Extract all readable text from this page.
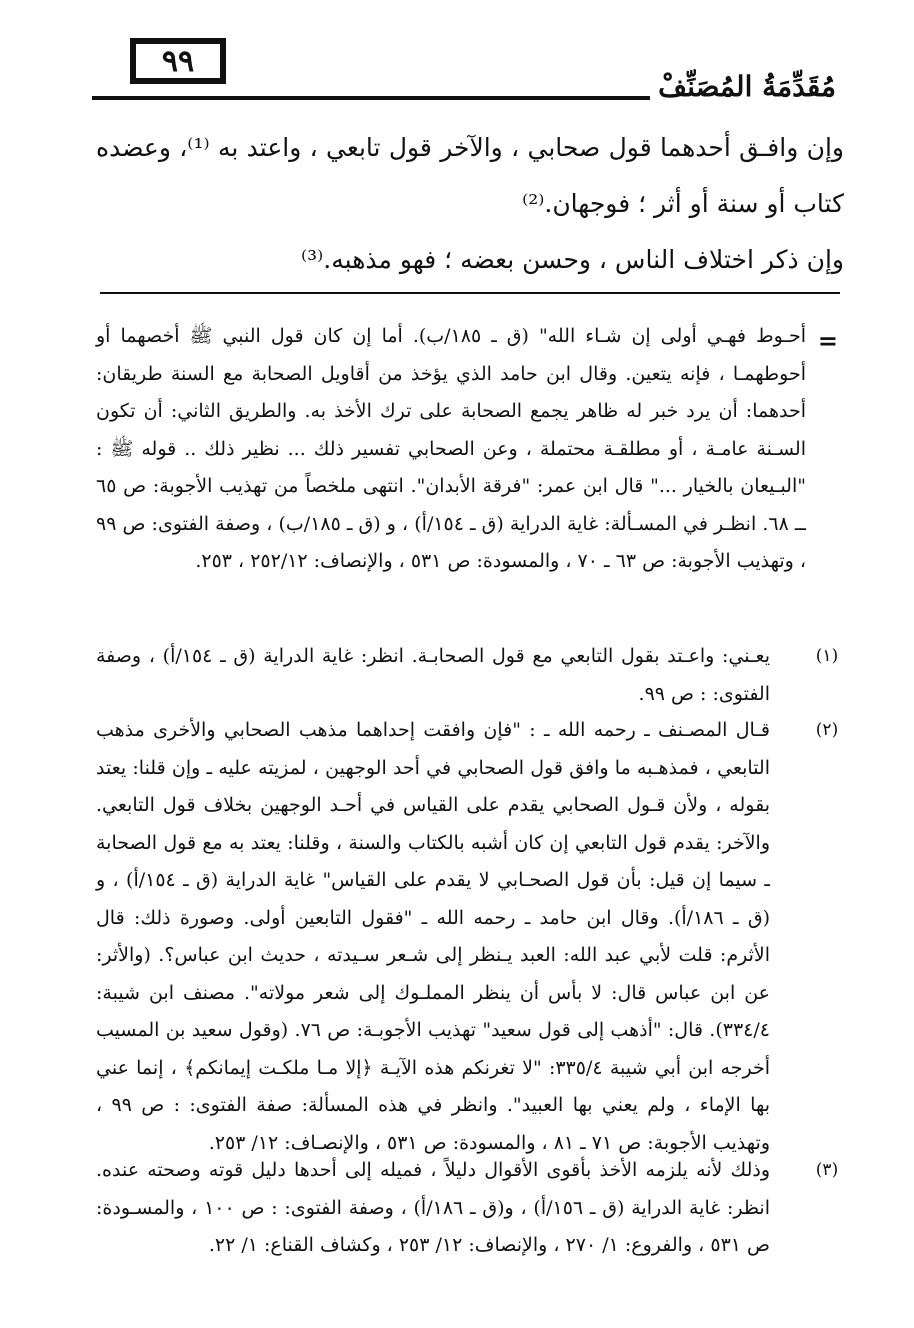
٩٩
مُقَدِّمَةُ المُصَنِّفْ

وإن وافـق أحدهما قول صحابي ، والآخر قول تابعي ، واعتد به ⁽¹⁾، وعضده كتاب أو سنة أو أثر ؛ فوجهان.⁽²⁾

وإن ذكر اختلاف الناس ، وحسن بعضه ؛ فهو مذهبه.⁽³⁾

=
أحـوط فهـي أولى إن شـاء الله" (ق ـ ١٨٥/ب). أما إن كان قول النبي ﷺ أخصهما أو أحوطهمـا ، فإنه يتعين. وقال ابن حامد الذي يؤخذ من أقاويل الصحابة مع السنة طريقان: أحدهما: أن يرد خبر له ظاهر يجمع الصحابة على ترك الأخذ به. والطريق الثاني: أن تكون السـنة عامـة ، أو مطلقـة محتملة ، وعن الصحابي تفسير ذلك ... نظير ذلك .. قوله ﷺ : "البـيعان بالخيار ..." قال ابن عمر: "فرقة الأبدان". انتهى ملخصاً من تهذيب الأجوبة: ص ٦٥ ــ ٦٨. انظـر في المسـألة: غاية الدراية (ق ـ ١٥٤/أ) ، و (ق ـ ١٨٥/ب) ، وصفة الفتوى: ص ٩٩ ، وتهذيب الأجوبة: ص ٦٣ ـ ٧٠ ، والمسودة: ص ٥٣١ ، والإنصاف: ٢٥٢/١٢ ، ٢٥٣.
(١)
يعـني: واعـتد بقول التابعي مع قول الصحابـة. انظر: غاية الدراية (ق ـ ١٥٤/أ) ، وصفة الفتوى: : ص ٩٩.
(٢)
قـال المصـنف ـ رحمه الله ـ : "فإن وافقت إحداهما مذهب الصحابي والأخرى مذهب التابعي ، فمذهـبه ما وافق قول الصحابي في أحد الوجهين ، لمزيته عليه ـ وإن قلنا: يعتد بقوله ، ولأن قـول الصحابي يقدم على القياس في أحـد الوجهين بخلاف قول التابعي. والآخر: يقدم قول التابعي إن كان أشبه بالكتاب والسنة ، وقلنا: يعتد به مع قول الصحابة ـ سيما إن قيل: بأن قول الصحـابي لا يقدم على القياس" غاية الدراية (ق ـ ١٥٤/أ) ، و (ق ـ ١٨٦/أ). وقال ابن حامد ـ رحمه الله ـ "فقول التابعين أولى. وصورة ذلك: قال الأثرم: قلت لأبي عبد الله: العبد يـنظر إلى شـعر سـيدته ، حديث ابن عباس؟. (والأثر: عن ابن عباس قال: لا بأس أن ينظر المملـوك إلى شعر مولاته". مصنف ابن شيبة: ٣٣٤/٤). قال: "أذهب إلى قول سعيد" تهذيب الأجوبـة: ص ٧٦. (وقول سعيد بن المسيب أخرجه ابن أبي شيبة ٣٣٥/٤: "لا تغرنكم هذه الآيـة ﴿إلا مـا ملكـت إيمانكم﴾ ، إنما عني بها الإماء ، ولم يعني بها العبيد". وانظر في هذه المسألة: صفة الفتوى: : ص ٩٩ ، وتهذيب الأجوبة: ص ٧١ ـ ٨١ ، والمسودة: ص ٥٣١ ، والإنصـاف: ١٢/ ٢٥٣.
(٣)
وذلك لأنه يلزمه الأخذ بأقوى الأقوال دليلاً ، فميله إلى أحدها دليل قوته وصحته عنده. انظر: غاية الدراية (ق ـ ١٥٦/أ) ، و(ق ـ ١٨٦/أ) ، وصفة الفتوى: : ص ١٠٠ ، والمسـودة: ص ٥٣١ ، والفروع: ١/ ٢٧٠ ، والإنصاف: ١٢/ ٢٥٣ ، وكشاف القناع: ١/ ٢٢.
